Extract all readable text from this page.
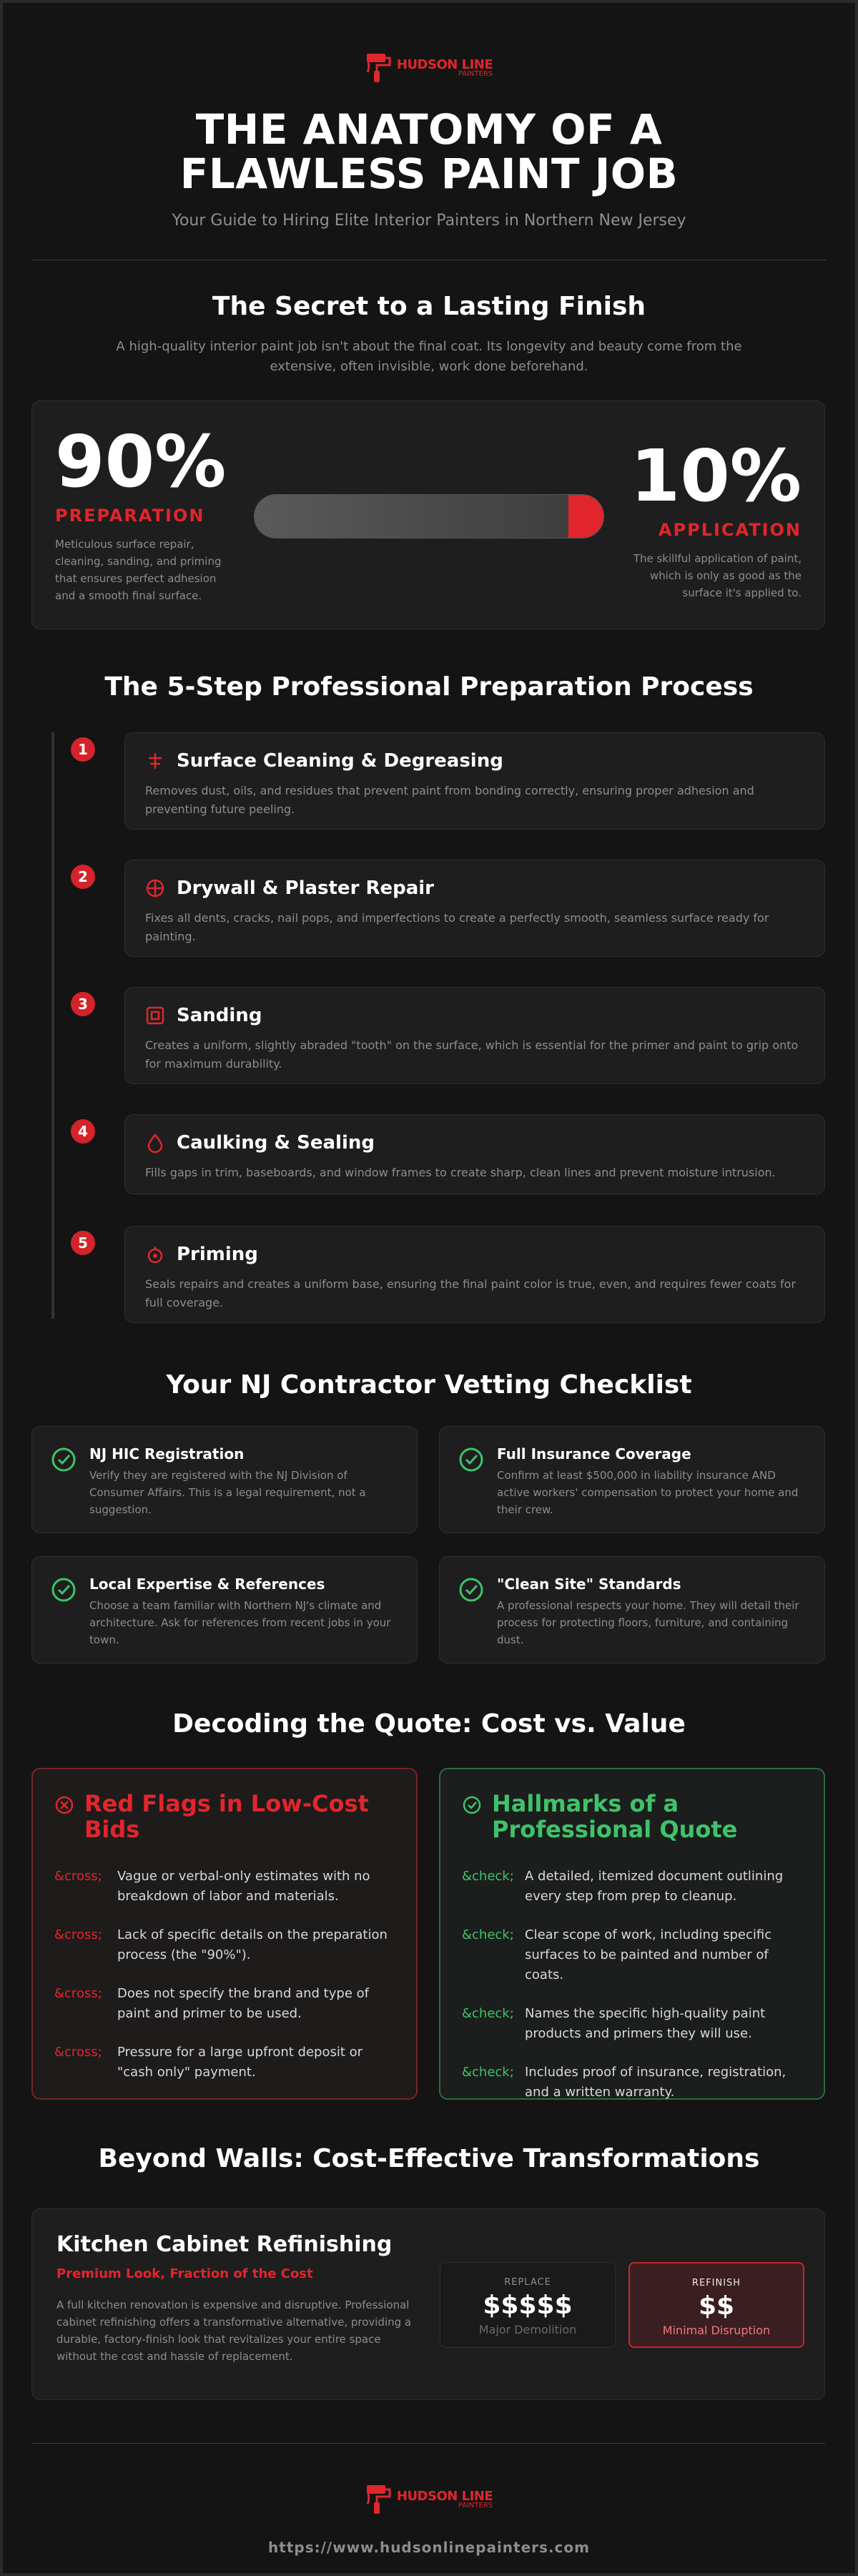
HUDSON LINE
PAINTERS
THE ANATOMY OF A FLAWLESS PAINT JOB
Your Guide to Hiring Elite Interior Painters in Northern New Jersey
The Secret to a Lasting Finish

A high-quality interior paint job isn't about the final coat. Its longevity and beauty come from the extensive, often invisible, work done beforehand.

90%
PREPARATION
Meticulous surface repair, cleaning, sanding, and priming that ensures perfect adhesion and a smooth final surface.
10%
APPLICATION
The skillful application of paint, which is only as good as the surface it's applied to.
The 5-Step Professional Preparation Process
1
Surface Cleaning & Degreasing
Removes dust, oils, and residues that prevent paint from bonding correctly, ensuring proper adhesion and preventing future peeling.
2
Drywall & Plaster Repair
Fixes all dents, cracks, nail pops, and imperfections to create a perfectly smooth, seamless surface ready for painting.
3
Sanding
Creates a uniform, slightly abraded "tooth" on the surface, which is essential for the primer and paint to grip onto for maximum durability.
4
Caulking & Sealing
Fills gaps in trim, baseboards, and window frames to create sharp, clean lines and prevent moisture intrusion.
5
Priming
Seals repairs and creates a uniform base, ensuring the final paint color is true, even, and requires fewer coats for full coverage.
Your NJ Contractor Vetting Checklist
NJ HIC Registration
Verify they are registered with the NJ Division of Consumer Affairs. This is a legal requirement, not a suggestion.
Full Insurance Coverage
Confirm at least $500,000 in liability insurance AND active workers' compensation to protect your home and their crew.
Local Expertise & References
Choose a team familiar with Northern NJ's climate and architecture. Ask for references from recent jobs in your town.
"Clean Site" Standards
A professional respects your home. They will detail their process for protecting floors, furniture, and containing dust.
Decoding the Quote: Cost vs. Value
Red Flags in Low-Cost Bids
&cross; Vague or verbal-only estimates with no breakdown of labor and materials.
&cross; Lack of specific details on the preparation process (the "90%").
&cross; Does not specify the brand and type of paint and primer to be used.
&cross; Pressure for a large upfront deposit or "cash only" payment.
Hallmarks of a Professional Quote
&check; A detailed, itemized document outlining every step from prep to cleanup.
&check; Clear scope of work, including specific surfaces to be painted and number of coats.
&check; Names the specific high-quality paint products and primers they will use.
&check; Includes proof of insurance, registration, and a written warranty.
Beyond Walls: Cost-Effective Transformations
Kitchen Cabinet Refinishing
Premium Look, Fraction of the Cost
A full kitchen renovation is expensive and disruptive. Professional cabinet refinishing offers a transformative alternative, providing a durable, factory-finish look that revitalizes your entire space without the cost and hassle of replacement.
REPLACE
$$$$$
Major Demolition
REFINISH
$$
Minimal Disruption
HUDSON LINE
PAINTERS
https://www.hudsonlinepainters.com
